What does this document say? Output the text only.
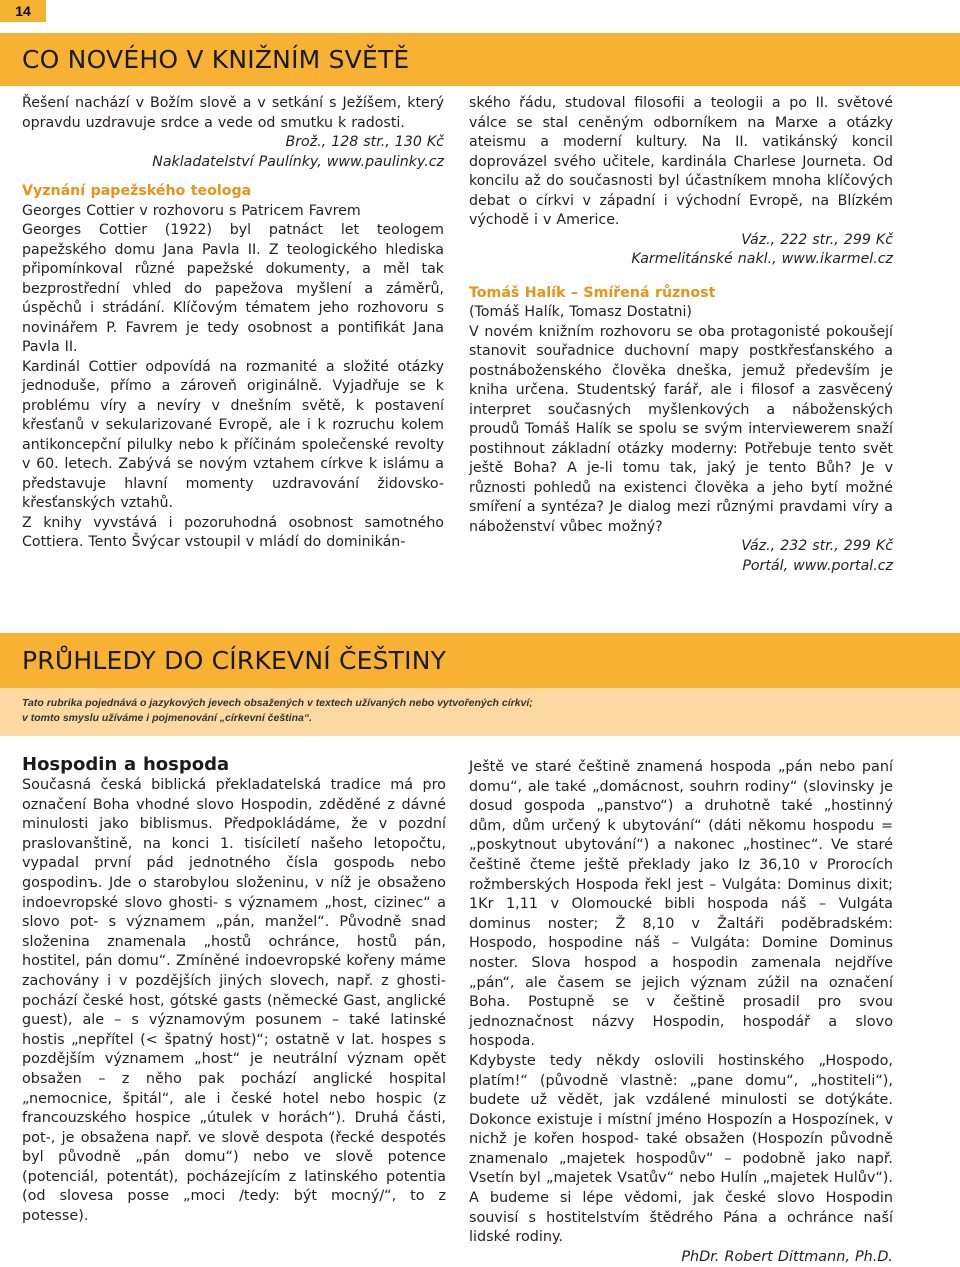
14
CO NOVÉHO V KNIŽNÍM SVĚTĚ

Řešení nachází v Božím slově a v setkání s Ježíšem, který opravdu uzdravuje srdce a vede od smutku k radosti.

Brož., 128 str., 130 Kč

Nakladatelství Paulínky, www.paulinky.cz

Vyznání papežského teologa

Georges Cottier v rozhovoru s Patricem Favrem

Georges Cottier (1922) byl patnáct let teologem papežského domu Jana Pavla II. Z teologického hlediska připomínkoval různé papežské dokumenty, a měl tak bezprostřední vhled do papežova myšlení a záměrů, úspěchů i strádání. Klíčovým tématem jeho rozhovoru s novinářem P. Favrem je tedy osobnost a pontifikát Jana Pavla II.

Kardinál Cottier odpovídá na rozmanité a složité otázky jednoduše, přímo a zároveň originálně. Vyjadřuje se k problému víry a nevíry v dnešním světě, k postavení křesťanů v sekularizované Evropě, ale i k rozruchu kolem antikoncepční pilulky nebo k příčinám společenské revolty v 60. letech. Zabývá se novým vztahem církve k islámu a představuje hlavní momenty uzdravování židovsko-křesťanských vztahů.

Z knihy vyvstává i pozoruhodná osobnost samotného Cottiera. Tento Švýcar vstoupil v mládí do dominikán-

ského řádu, studoval filosofii a teologii a po II. světové válce se stal ceněným odborníkem na Marxe a otázky ateismu a moderní kultury. Na II. vatikánský koncil doprovázel svého učitele, kardinála Charlese Journeta. Od koncilu až do současnosti byl účastníkem mnoha klíčových debat o církvi v západní i východní Evropě, na Blízkém východě i v Americe.

Váz., 222 str., 299 Kč

Karmelitánské nakl., www.ikarmel.cz

Tomáš Halík – Smířená různost

(Tomáš Halík, Tomasz Dostatni)

V novém knižním rozhovoru se oba protagonisté pokoušejí stanovit souřadnice duchovní mapy postkřesťanského a postnáboženského člověka dneška, jemuž především je kniha určena. Studentský farář, ale i filosof a zasvěcený interpret současných myšlenkových a náboženských proudů Tomáš Halík se spolu se svým interviewerem snaží postihnout základní otázky moderny: Potřebuje tento svět ještě Boha? A je-li tomu tak, jaký je tento Bůh? Je v různosti pohledů na existenci člověka a jeho bytí možné smíření a syntéza? Je dialog mezi různými pravdami víry a náboženství vůbec možný?

Váz., 232 str., 299 Kč

Portál, www.portal.cz

PRŮHLEDY DO CÍRKEVNÍ ČEŠTINY
Tato rubrika pojednává o jazykových jevech obsažených v textech užívaných nebo vytvořených církví;
v tomto smyslu užíváme i pojmenování „církevní čeština“.

Hospodin a hospoda

Současná česká biblická překladatelská tradice má pro označení Boha vhodné slovo Hospodin, zděděné z dávné minulosti jako biblismus. Předpokládáme, že v pozdní praslovanštině, na konci 1. tisíciletí našeho letopočtu, vypadal první pád jednotného čísla gospodь nebo gospodinъ. Jde o starobylou složeninu, v níž je obsaženo indoevropské slovo ghosti- s významem „host, cizinec“ a slovo pot- s významem „pán, manžel“. Původně snad složenina znamenala „hostů ochránce, hostů pán, hostitel, pán domu“. Zmíněné indoevropské kořeny máme zachovány i v pozdějších jiných slovech, např. z ghosti- pochází české host, gótské gasts (německé Gast, anglické guest), ale – s významovým posunem – také latinské hostis „nepřítel (< špatný host)“; ostatně v lat. hospes s pozdějším významem „host“ je neutrální význam opět obsažen – z něho pak pochází anglické hospital „nemocnice, špitál“, ale i české hotel nebo hospic (z francouzského hospice „útulek v horách“). Druhá části, pot-, je obsažena např. ve slově despota (řecké despotés byl původně „pán domu“) nebo ve slově potence (potenciál, potentát), pocházejícím z latinského potentia (od slovesa posse „moci /tedy: být mocný/“, to z potesse).

Ještě ve staré češtině znamená hospoda „pán nebo paní domu“, ale také „domácnost, souhrn rodiny“ (slovinsky je dosud gospoda „panstvo“) a druhotně také „hostinný dům, dům určený k ubytování“ (dáti někomu hospodu = „poskytnout ubytování“) a nakonec „hostinec“. Ve staré češtině čteme ještě překlady jako Iz 36,10 v Prorocích rožmberských Hospoda řekl jest – Vulgáta: Dominus dixit; 1Kr 1,11 v Olomoucké bibli hospoda náš – Vulgáta dominus noster; Ž 8,10 v Žaltáři poděbradském: Hospodo, hospodine náš – Vulgáta: Domine Dominus noster. Slova hospod a hospodin zamenala nejdříve „pán“, ale časem se jejich význam zúžil na označení Boha. Postupně se v češtině prosadil pro svou jednoznačnost názvy Hospodin, hospodář a slovo hospoda.

Kdybyste tedy někdy oslovili hostinského „Hospodo, platím!“ (původně vlastně: „pane domu“, „hostiteli“), budete už vědět, jak vzdálené minulosti se dotýkáte. Dokonce existuje i místní jméno Hospozín a Hospozínek, v nichž je kořen hospod- také obsažen (Hospozín původně znamenalo „majetek hospodův“ – podobně jako např. Vsetín byl „majetek Vsatův“ nebo Hulín „majetek Hulův“). A budeme si lépe vědomi, jak české slovo Hospodin souvisí s hostitelstvím štědrého Pána a ochránce naší lidské rodiny.

PhDr. Robert Dittmann, Ph.D.
